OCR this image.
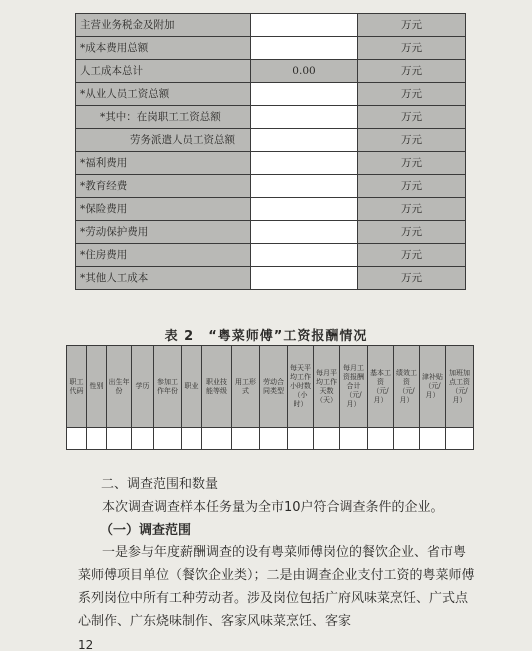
主营业务税金及附加		万元
*成本费用总额		万元
人工成本总计	0.00	万元
*从业人员工资总额		万元
*其中：在岗职工工资总额		万元
劳务派遣人员工资总额		万元
*福利费用		万元
*教育经费		万元
*保险费用		万元
*劳动保护费用		万元
*住房费用		万元
*其他人工成本		万元
表 2　“粤菜师傅”工资报酬情况
职工代码	性别	出生年份	学历	参加工作年份	职业	职业技能等级	用工形式	劳动合同类型	每天平均工作小时数（小时）	每月平均工作天数（天）	每月工资报酬合计（元/月）	基本工资（元/月）	绩效工资（元/月）	津补贴（元/月）	加班加点工资（元/月）

二、调查范围和数量
本次调查调查样本任务量为全市10户符合调查条件的企业。
（一）调查范围
一是参与年度薪酬调查的设有粤菜师傅岗位的餐饮企业、省市粤菜师傅项目单位（餐饮企业类）；二是由调查企业支付工资的粤菜师傅系列岗位中所有工种劳动者。涉及岗位包括广府风味菜烹饪、广式点心制作、广东烧味制作、客家风味菜烹饪、客家
12
